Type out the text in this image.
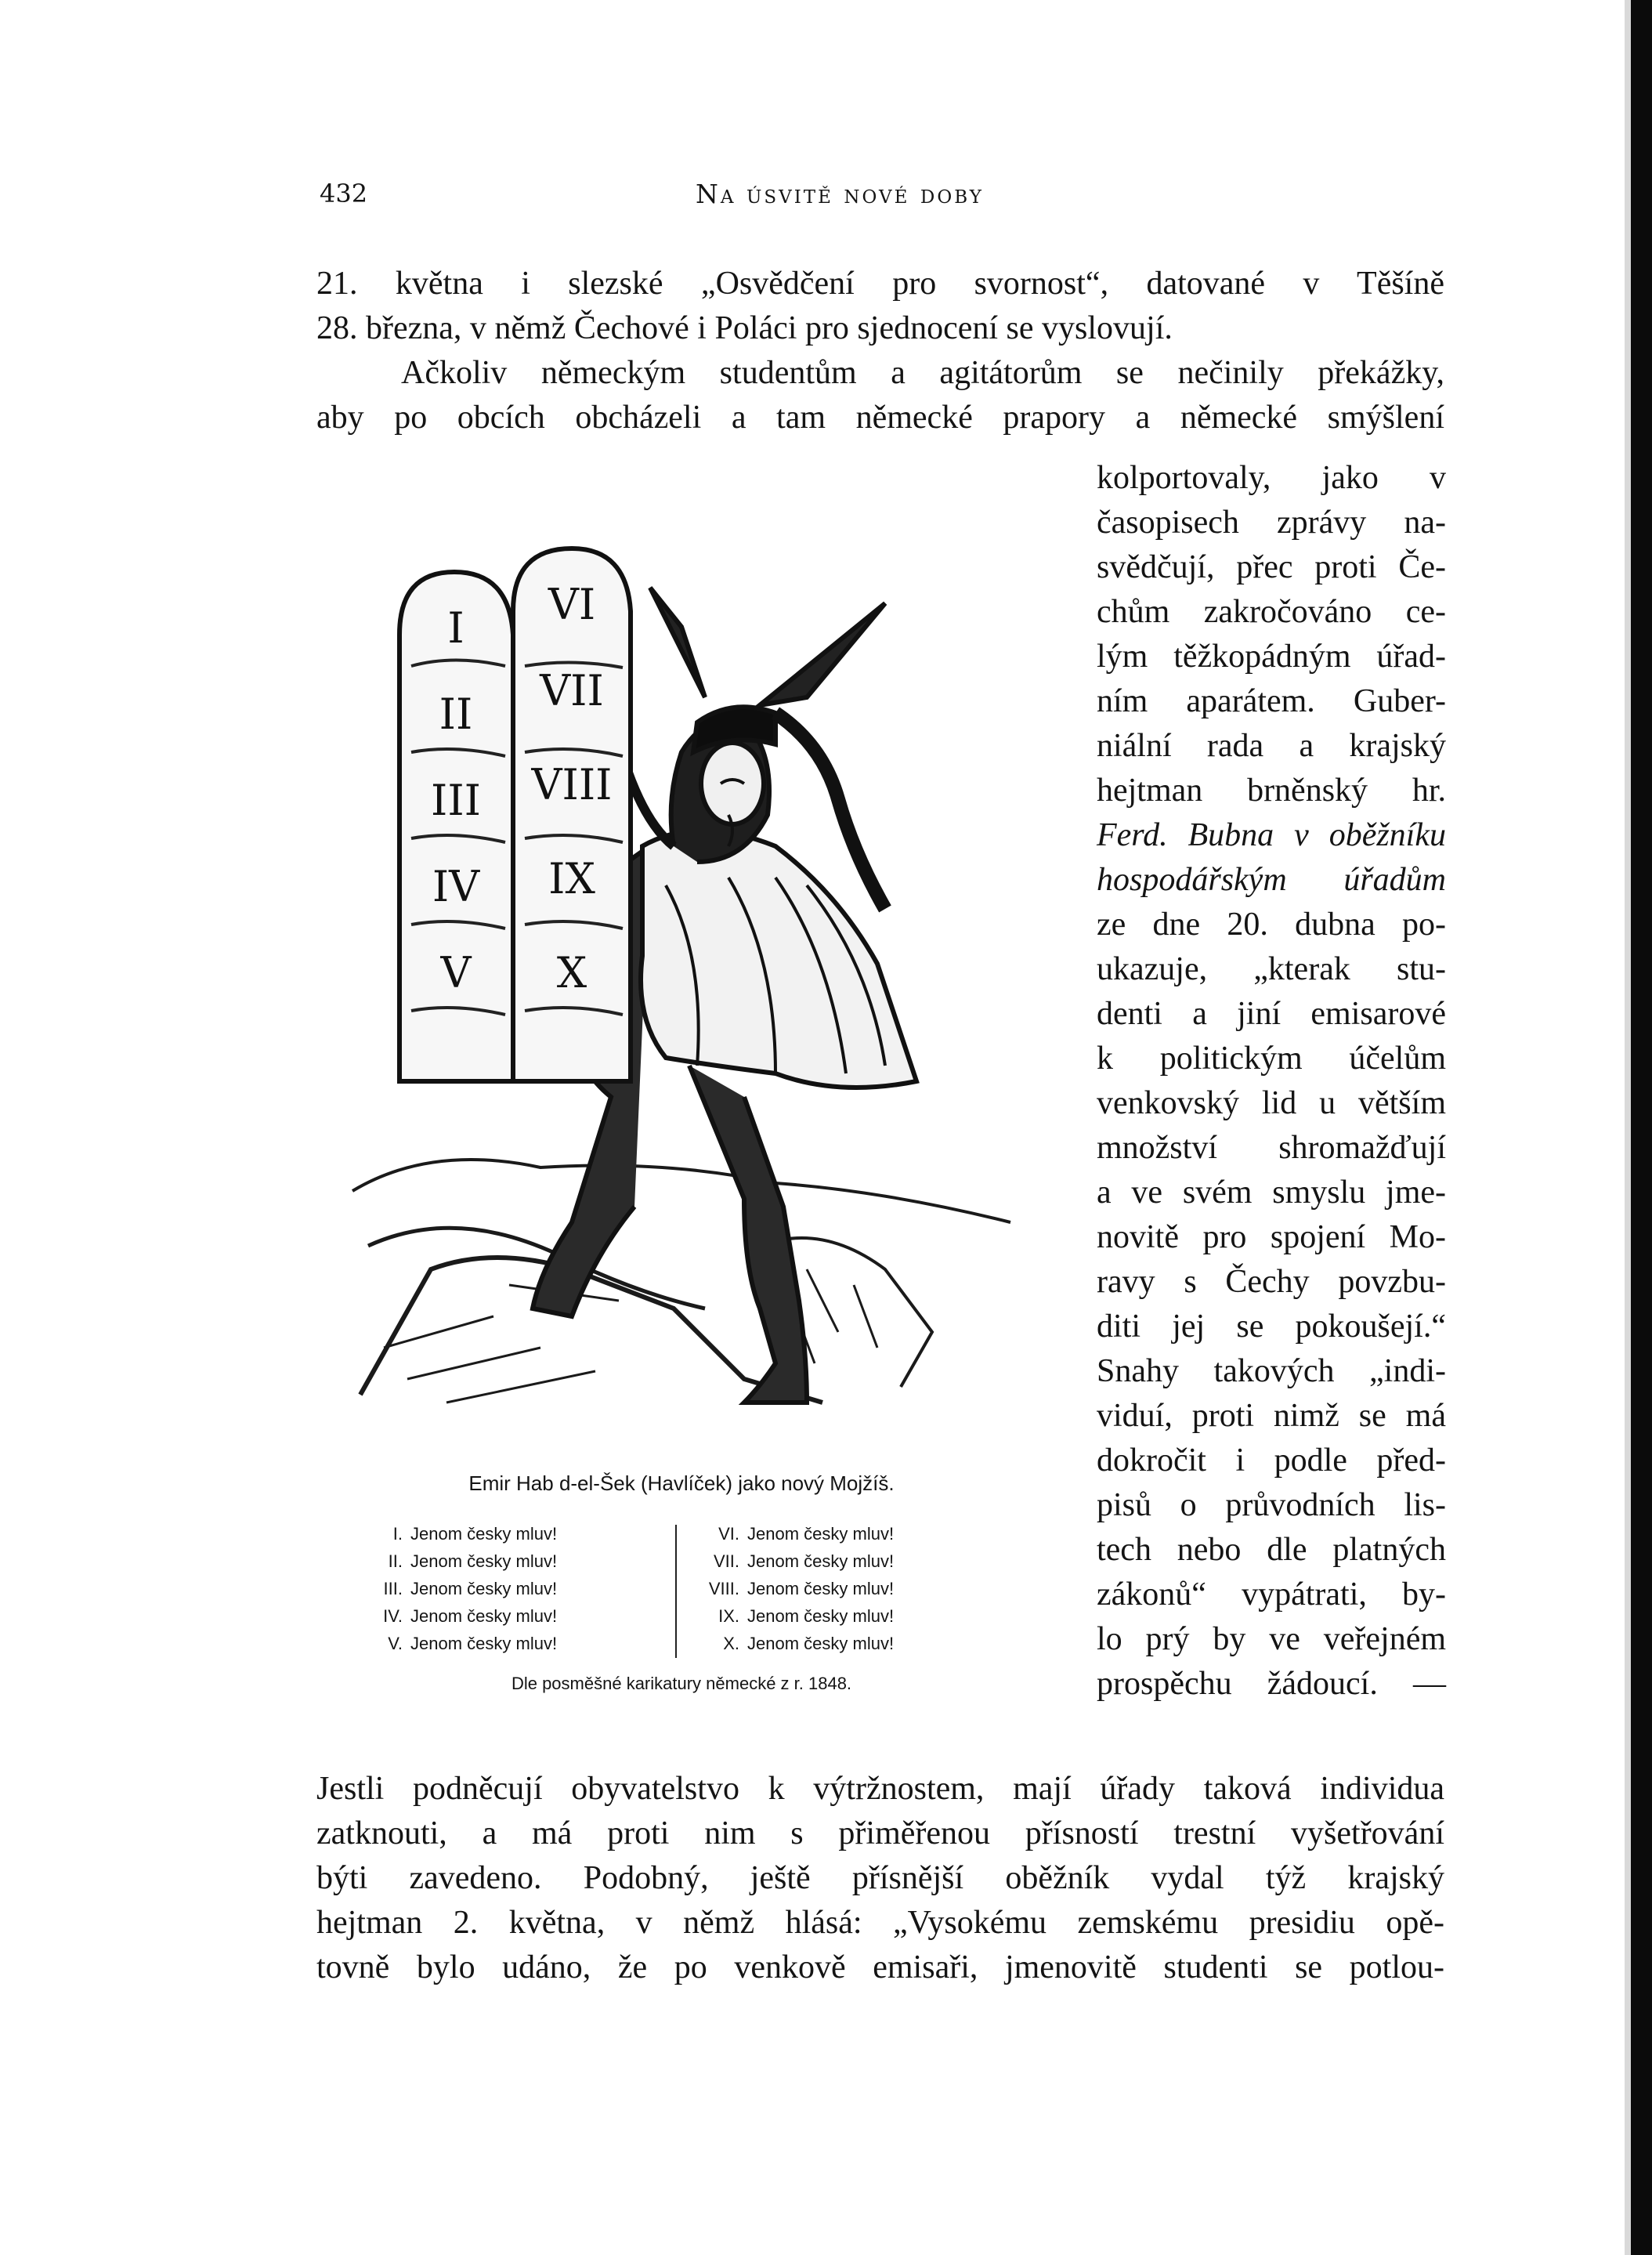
432	Na úsvitě nové doby
21. května i slezské „Osvědčení pro svornost“, datované v Těšíně
28. března, v němž Čechové i Poláci pro sjednocení se vyslovují.
Ačkoliv německým studentům a agitátorům se nečinily překážky,
aby po obcích obcházeli a tam německé prapory a německé smýšlení
kolportovaly, jako v
časopisech zprávy na-
svědčují, přec proti Če-
chům zakročováno ce-
lým těžkopádným úřad-
ním aparátem. Guber-
niální rada a krajský
hejtman brněnský hr.
Ferd. Bubna v oběžníku
hospodářským úřadům
ze dne 20. dubna po-
ukazuje, „kterak stu-
denti a jiní emisarové
k politickým účelům
venkovský lid u větším
množství shromažďují
a ve svém smyslu jme-
novitě pro spojení Mo-
ravy s Čechy povzbu-
diti jej se pokoušejí.“
Snahy takových „indi-
viduí, proti nimž se má
dokročit i podle před-
pisů o průvodních lis-
tech nebo dle platných
zákonů“ vypátrati, by-
lo prý by ve veřejném
prospěchu žádoucí. —
I
II
III
IV
V
VI
VII
VIII
IX
X
Emir Hab d-el-Šek (Havlíček) jako nový Mojžíš.
I. Jenom česky mluv!
II. Jenom česky mluv!
III. Jenom česky mluv!
IV. Jenom česky mluv!
V. Jenom česky mluv!
VI. Jenom česky mluv!
VII. Jenom česky mluv!
VIII. Jenom česky mluv!
IX. Jenom česky mluv!
X. Jenom česky mluv!
Dle posměšné karikatury německé z r. 1848.
Jestli podněcují obyvatelstvo k výtržnostem, mají úřady taková individua
zatknouti, a má proti nim s přiměřenou přísností trestní vyšetřování
býti zavedeno. Podobný, ještě přísnější oběžník vydal týž krajský
hejtman 2. května, v němž hlásá: „Vysokému zemskému presidiu opě-
tovně bylo udáno, že po venkově emisaři, jmenovitě studenti se potlou-
